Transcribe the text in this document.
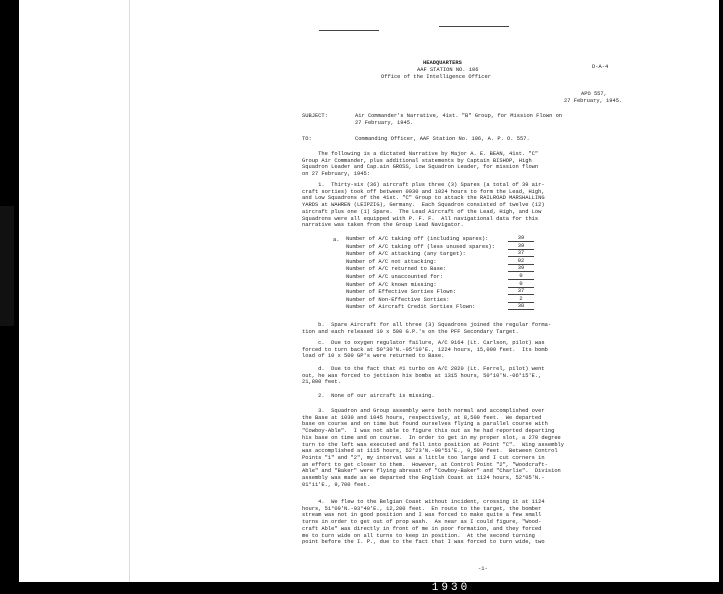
HEADQUARTERS
AAF STATION NO. 106
Office of the Intelligence Officer
D-A-4
APO 557,
27 February, 1945.
SUBJECT:	Air Commander's Narrative, 41st. "B" Group, for Mission Flown on
27 February, 1945.
TO:	Commanding Officer, AAF Station No. 106, A. P. O. 557.
The following is a dictated Narrative by Major A. E. BEAN, 41st. "C"
Group Air Commander, plus additional statements by Captain BISHOP, High
Squadron Leader and Cap.ain GROSS, Low Squadron Leader, for mission flown
on 27 February, 1945:
1.  Thirty-six (36) aircraft plus three (3) Spares (a total of 39 air-
craft sorties) took off between 0930 and 1024 hours to form the Lead, High,
and Low Squadrons of the 41st. "C" Group to attack the RAILROAD MARSHALLING
YARDS at WAHREN (LEIPZIG), Germany.  Each Squadron consisted of twelve (12)
aircraft plus one (1) Spare.  The Lead Aircraft of the Lead, High, and Low
Squadrons were all equipped with P. F. F.  All navigational data for this
narrative was taken from the Group Lead Navigator.
a. Number of A/C taking off (including spares):	39
Number of A/C taking off (less unused spares):	39
Number of A/C attacking (any target):	37
Number of A/C not attacking:	02
Number of A/C returned to Base:	39
Number of A/C unaccounted for:	0
Number of A/C known missing:	0
Number of Effective Sorties Flown:	37
Number of Non-Effective Sorties:	2
Number of Aircraft Credit Sorties Flown:	38
b.  Spare Aircraft for all three (3) Squadrons joined the regular forma-
tion and each released 10 x 500 G.P.'s on the PFF Secondary Target.
c.  Due to oxygen regulator failure, A/C 9164 (Lt. Carlson, pilot) was
forced to turn back at 50°30'N.-05°10'E., 1224 hours, 15,000 feet.  Its bomb
load of 10 x 500 GP's were returned to Base.
d.  Due to the fact that #1 turbo on A/C 2020 (Lt. Ferrel, pilot) went
out, he was forced to jettison his bombs at 1315 hours, 50°10'N.-06°15'E.,
21,800 feet.
2.  None of our aircraft is missing.
3.  Squadron and Group assembly were both normal and accomplished over
the Base at 1030 and 1045 hours, respectively, at 8,500 feet.  We departed
base on course and on time but found ourselves flying a parallel course with
"Cowboy-Able".  I was not able to figure this out as he had reported departing
his base on time and on course.  In order to get in my proper slot, a 270 degree
turn to the left was executed and fell into position at Point "C".  Wing assembly
was accomplished at 1115 hours, 52°23'N.-00°51'E., 9,500 feet.  Between Control
Points "1" and "2", my interval was a little too large and I cut corners in
an effort to get closer to them.  However, at Control Point "2", "Woodcraft-
Able" and "Baker" were flying abreast of "Cowboy-Baker" and "Charlie".  Division
assembly was made as we departed the English Coast at 1124 hours, 52°05'N.-
01°11'E., 9,700 feet.
4.  We flew to the Belgian Coast without incident, crossing it at 1124
hours, 51°09'N.-03°40'E., 12,200 feet.  En route to the target, the bomber
stream was not in good position and I was forced to make quite a few small
turns in order to get out of prop wash.  As near as I could figure, "Wood-
craft Able" was directly in front of me in poor formation, and they forced
me to turn wide on all turns to keep in position.  At the second turning
point before the I. P., due to the fact that I was forced to turn wide, two
-1-
1930
